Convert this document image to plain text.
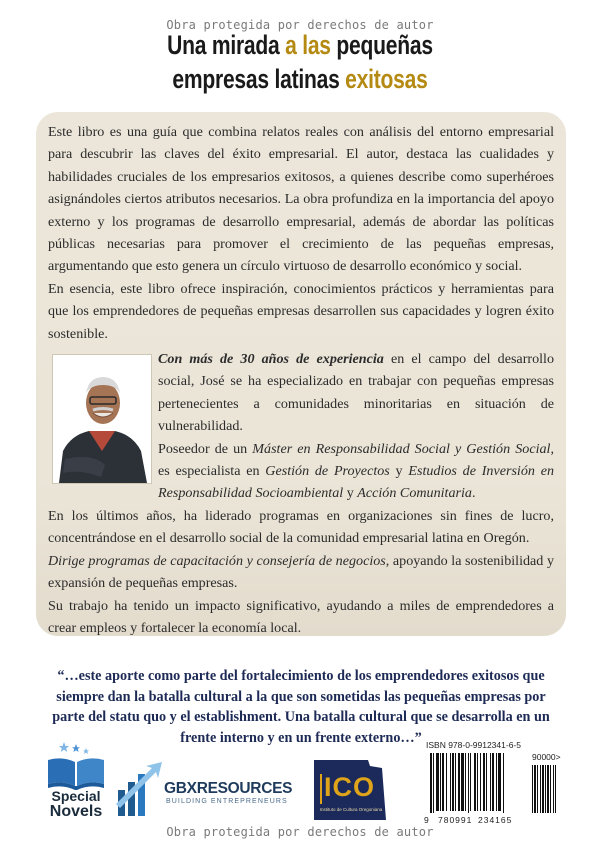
Obra protegida por derechos de autor
Una mirada a las pequeñas
empresas latinas exitosas
Este libro es una guía que combina relatos reales con análisis del entorno empresarial para descubrir las claves del éxito empresarial. El autor, destaca las cualidades y habilidades cruciales de los empresarios exitosos, a quienes describe como superhéroes asignándoles ciertos atributos necesarios. La obra profundiza en la importancia del apoyo externo y los programas de desarrollo empresarial, además de abordar las políticas públicas necesarias para promover el crecimiento de las pequeñas empresas, argumentando que esto genera un círculo virtuoso de desarrollo económico y social.
En esencia, este libro ofrece inspiración, conocimientos prácticos y herramientas para que los emprendedores de pequeñas empresas desarrollen sus capacidades y logren éxito sostenible.
Con más de 30 años de experiencia en el campo del desarrollo social, José se ha especializado en trabajar con pequeñas empresas pertenecientes a comunidades minoritarias en situación de vulnerabilidad.
Poseedor de un Máster en Responsabilidad Social y Gestión Social, es especialista en Gestión de Proyectos y Estudios de Inversión en Responsabilidad Socioambiental y Acción Comunitaria.
En los últimos años, ha liderado programas en organizaciones sin fines de lucro, concentrándose en el desarrollo social de la comunidad empresarial latina en Oregón.
Dirige programas de capacitación y consejería de negocios, apoyando la sostenibilidad y expansión de pequeñas empresas.
Su trabajo ha tenido un impacto significativo, ayudando a miles de emprendedores a crear empleos y fortalecer la economía local.
“…este aporte como parte del fortalecimiento de los emprendedores exitosos que siempre dan la batalla cultural a la que son sometidas las pequeñas empresas por parte del statu quo y el establishment. Una batalla cultural que se desarrolla en un frente interno y en un frente externo…”
Special
Novels
GBXRESOURCES
BUILDING ENTREPRENEURS ICO
Instituto de Cultura Oregoniana
ISBN 978-0-9912341-6-5
90000>
9 780991 234165
Obra protegida por derechos de autor
